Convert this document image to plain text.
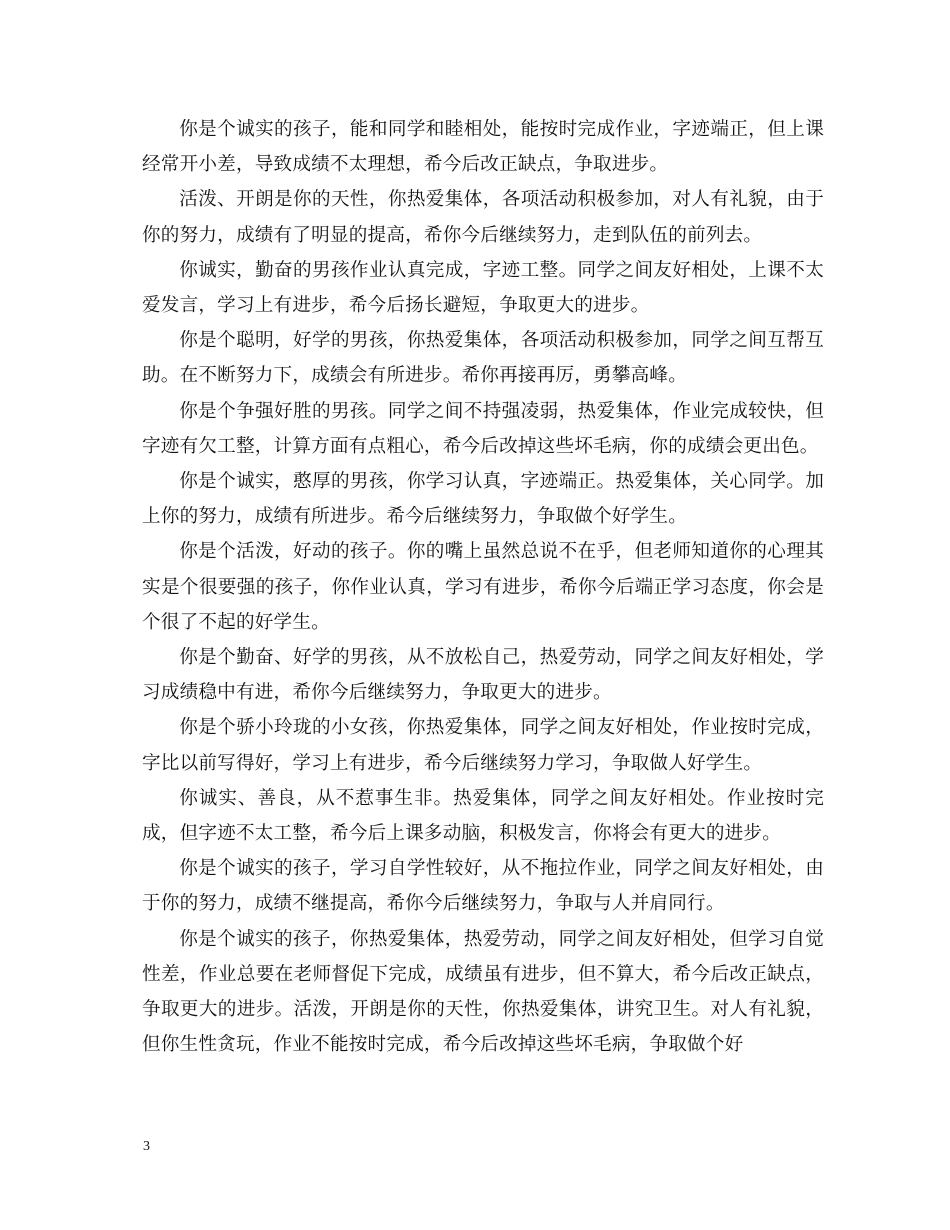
你是个诚实的孩子，能和同学和睦相处，能按时完成作业，字迹端正，但上课经常开小差，导致成绩不太理想，希今后改正缺点，争取进步。

活泼、开朗是你的天性，你热爱集体，各项活动积极参加，对人有礼貌，由于你的努力，成绩有了明显的提高，希你今后继续努力，走到队伍的前列去。

你诚实，勤奋的男孩作业认真完成，字迹工整。同学之间友好相处，上课不太爱发言，学习上有进步，希今后扬长避短，争取更大的进步。

你是个聪明，好学的男孩，你热爱集体，各项活动积极参加，同学之间互帮互助。在不断努力下，成绩会有所进步。希你再接再厉，勇攀高峰。

你是个争强好胜的男孩。同学之间不持强凌弱，热爱集体，作业完成较快，但字迹有欠工整，计算方面有点粗心，希今后改掉这些坏毛病，你的成绩会更出色。

你是个诚实，憨厚的男孩，你学习认真，字迹端正。热爱集体，关心同学。加上你的努力，成绩有所进步。希今后继续努力，争取做个好学生。

你是个活泼，好动的孩子。你的嘴上虽然总说不在乎，但老师知道你的心理其实是个很要强的孩子，你作业认真，学习有进步，希你今后端正学习态度，你会是个很了不起的好学生。

你是个勤奋、好学的男孩，从不放松自己，热爱劳动，同学之间友好相处，学习成绩稳中有进，希你今后继续努力，争取更大的进步。

你是个骄小玲珑的小女孩，你热爱集体，同学之间友好相处，作业按时完成，字比以前写得好，学习上有进步，希今后继续努力学习，争取做人好学生。

你诚实、善良，从不惹事生非。热爱集体，同学之间友好相处。作业按时完成，但字迹不太工整，希今后上课多动脑，积极发言，你将会有更大的进步。

你是个诚实的孩子，学习自学性较好，从不拖拉作业，同学之间友好相处，由于你的努力，成绩不继提高，希你今后继续努力，争取与人并肩同行。

你是个诚实的孩子，你热爱集体，热爱劳动，同学之间友好相处，但学习自觉性差，作业总要在老师督促下完成，成绩虽有进步，但不算大，希今后改正缺点，争取更大的进步。活泼，开朗是你的天性，你热爱集体，讲究卫生。对人有礼貌，但你生性贪玩，作业不能按时完成，希今后改掉这些坏毛病，争取做个好

3
